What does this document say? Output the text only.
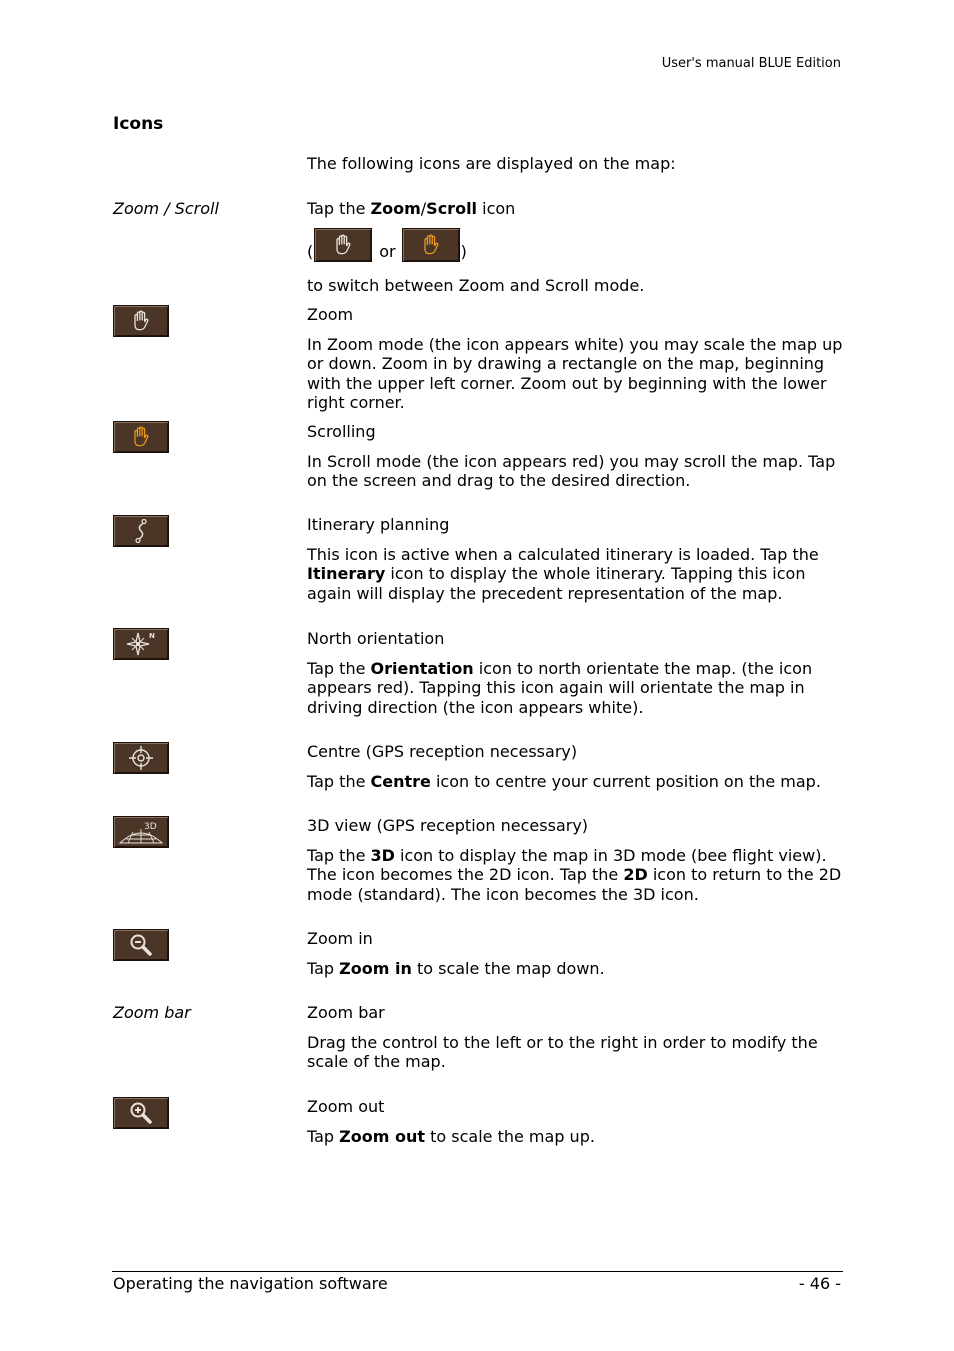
User's manual BLUE Edition
Icons
The following icons are displayed on the map:
Zoom / Scroll	Tap the Zoom/Scroll icon
(	or	)
to switch between Zoom and Scroll mode.

Zoom

In Zoom mode (the icon appears white) you may scale the map up or down. Zoom in by drawing a rectangle on the map, beginning with the upper left corner. Zoom out by beginning with the lower right corner.

Scrolling

In Scroll mode (the icon appears red) you may scroll the map. Tap on the screen and drag to the desired direction.

Itinerary planning

This icon is active when a calculated itinerary is loaded. Tap the Itinerary icon to display the whole itinerary. Tapping this icon again will display the precedent representation of the map.

N	North orientation

Tap the Orientation icon to north orientate the map. (the icon appears red). Tapping this icon again will orientate the map in driving direction (the icon appears white).

Centre (GPS reception necessary)

Tap the Centre icon to centre your current position on the map.

3D	3D view (GPS reception necessary)

Tap the 3D icon to display the map in 3D mode (bee flight view). The icon becomes the 2D icon. Tap the 2D icon to return to the 2D mode (standard). The icon becomes the 3D icon.

Zoom in

Tap Zoom in to scale the map down.

Zoom bar	Zoom bar

Drag the control to the left or to the right in order to modify the scale of the map.

Zoom out

Tap Zoom out to scale the map up.

Operating the navigation software	- 46 -
